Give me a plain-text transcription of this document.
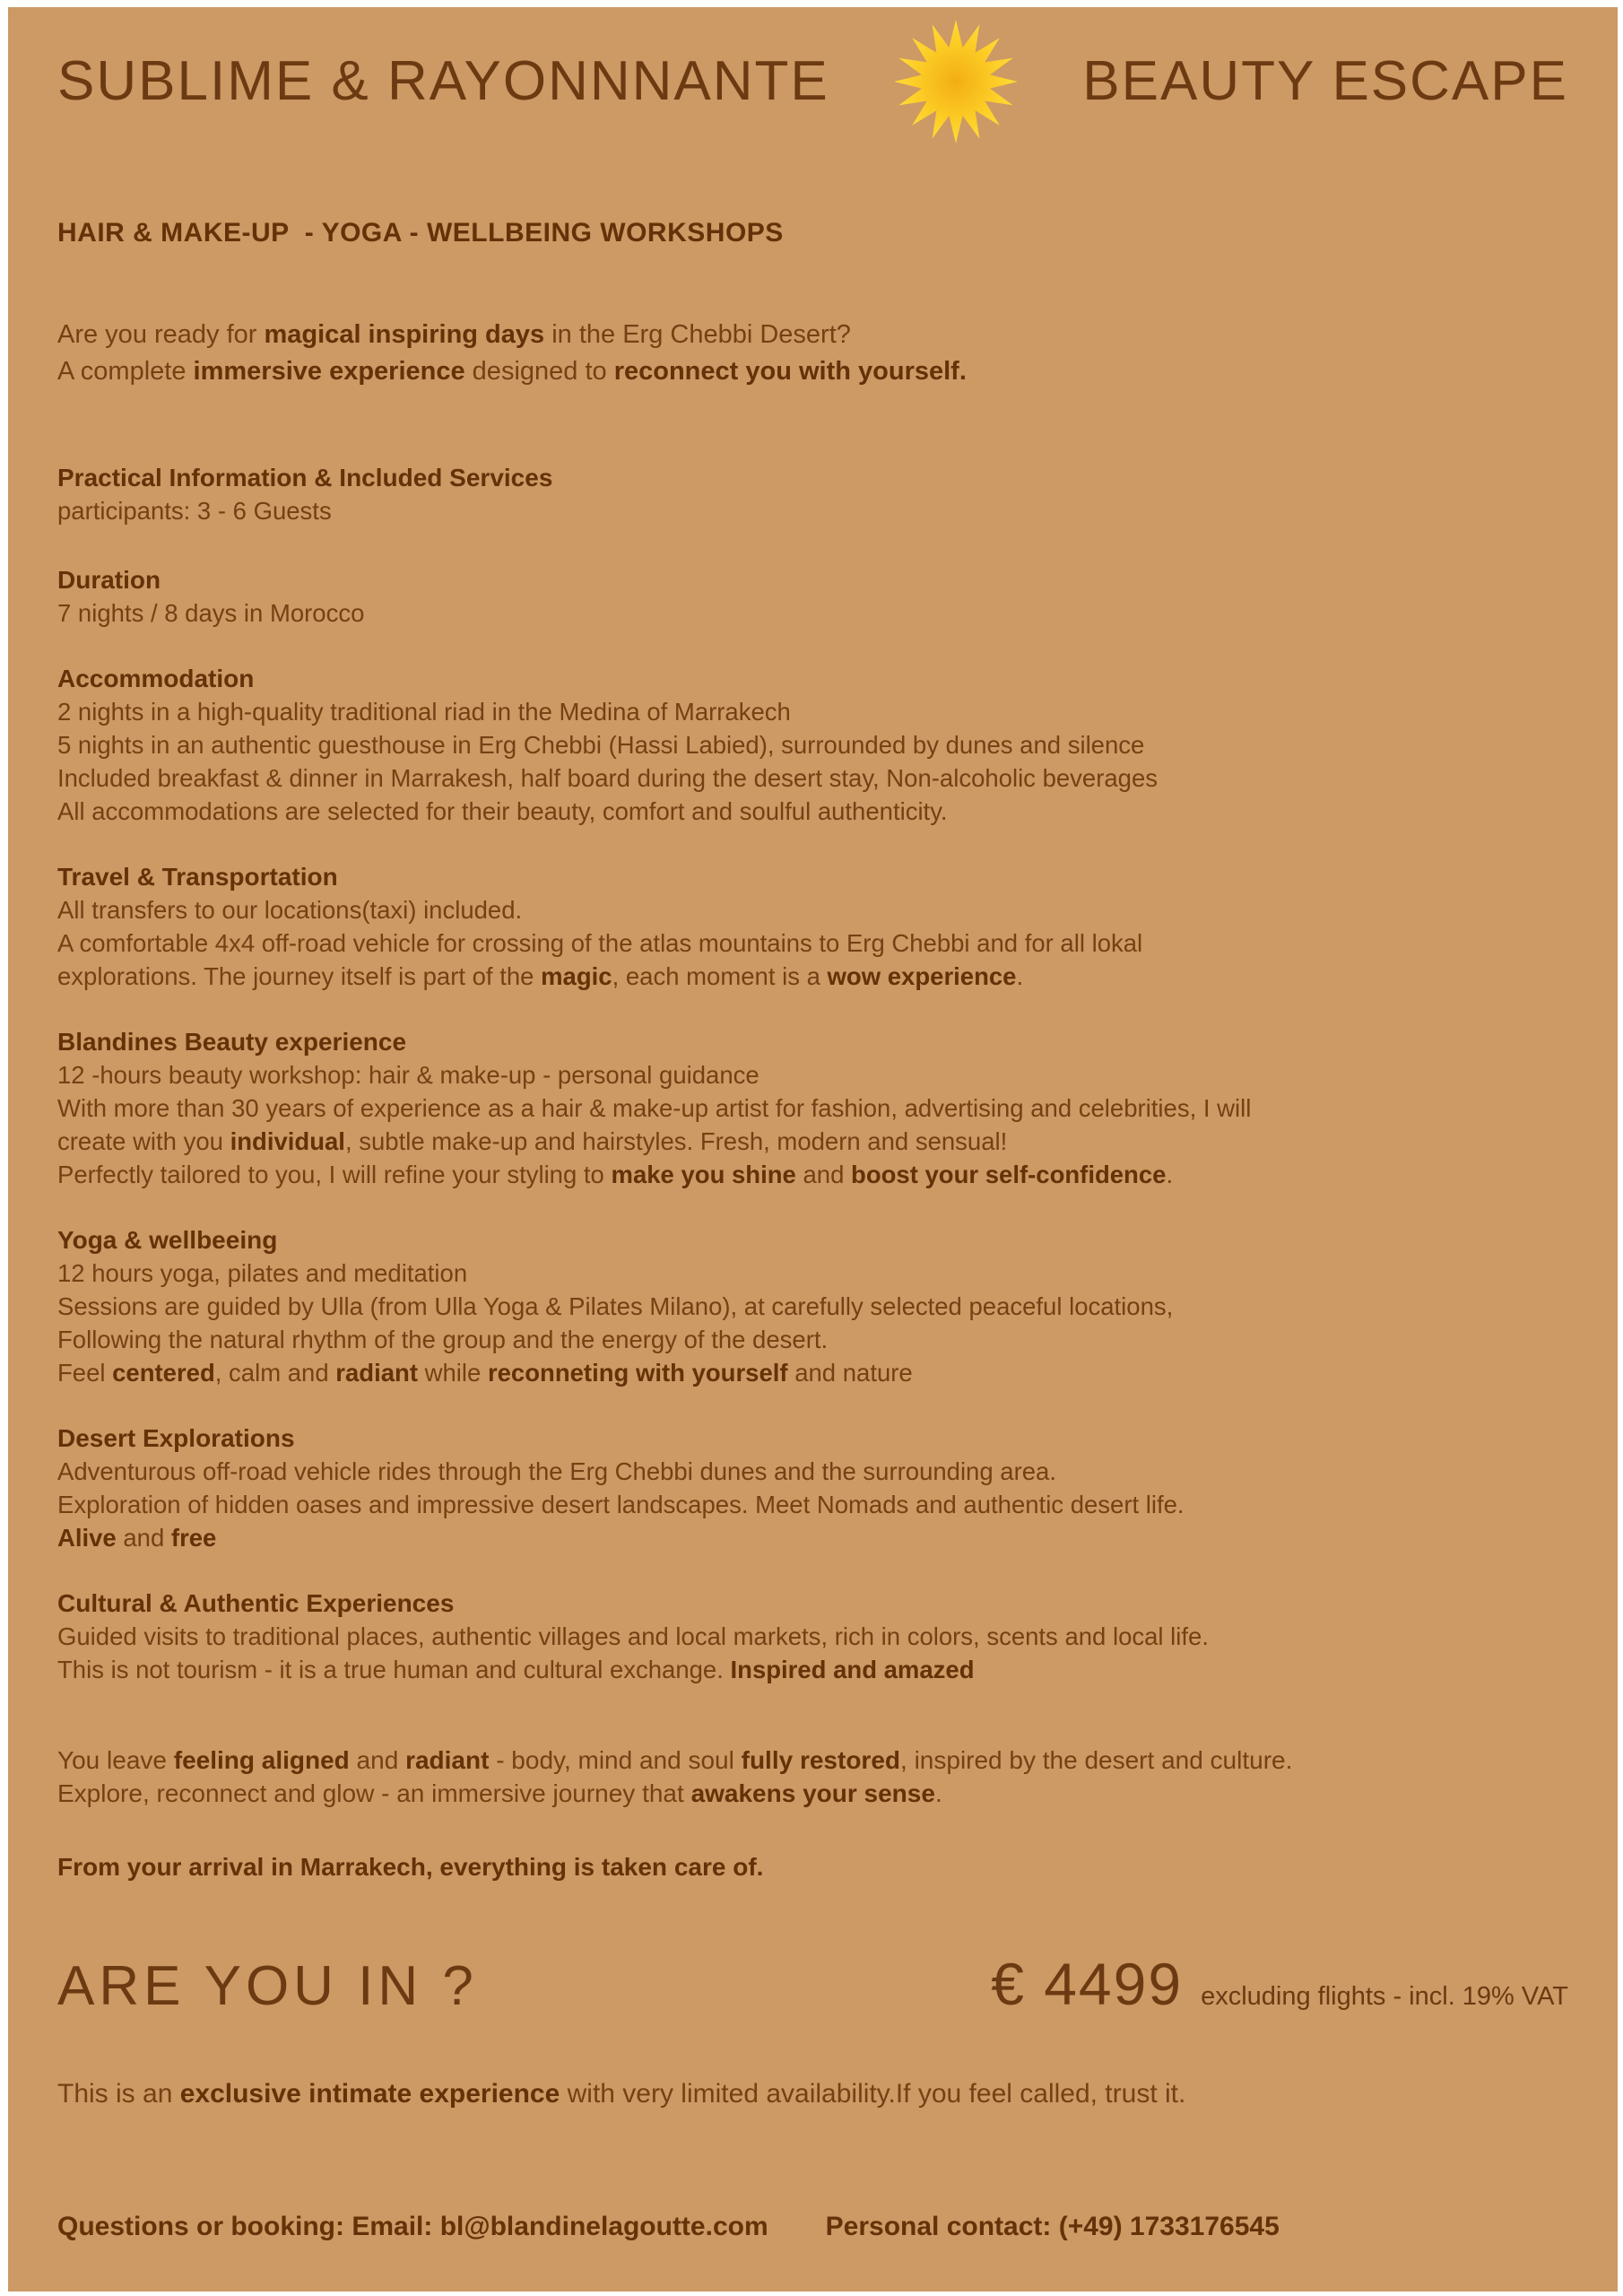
SUBLIME & RAYONNNANTE	BEAUTY ESCAPE
HAIR & MAKE-UP  - YOGA - WELLBEING WORKSHOPS
Are you ready for magical inspiring days in the Erg Chebbi Desert?
A complete immersive experience designed to reconnect you with yourself.
Practical Information & Included Services
participants: 3 - 6 Guests
Duration
7 nights / 8 days in Morocco
Accommodation
2 nights in a high-quality traditional riad in the Medina of Marrakech
5 nights in an authentic guesthouse in Erg Chebbi (Hassi Labied), surrounded by dunes and silence
Included breakfast & dinner in Marrakesh, half board during the desert stay, Non-alcoholic beverages
All accommodations are selected for their beauty, comfort and soulful authenticity.
Travel & Transportation
All transfers to our locations(taxi) included.
A comfortable 4x4 off-road vehicle for crossing of the atlas mountains to Erg Chebbi and for all lokal
explorations. The journey itself is part of the magic, each moment is a wow experience.
Blandines Beauty experience
12 -hours beauty workshop: hair & make-up - personal guidance
With more than 30 years of experience as a hair & make-up artist for fashion, advertising and celebrities, I will
create with you individual, subtle make-up and hairstyles. Fresh, modern and sensual!
Perfectly tailored to you, I will refine your styling to make you shine and boost your self-confidence.
Yoga & wellbeeing
12 hours yoga, pilates and meditation
Sessions are guided by Ulla (from Ulla Yoga & Pilates Milano), at carefully selected peaceful locations,
Following the natural rhythm of the group and the energy of the desert.
Feel centered, calm and radiant while reconneting with yourself and nature
Desert Explorations
Adventurous off-road vehicle rides through the Erg Chebbi dunes and the surrounding area.
Exploration of hidden oases and impressive desert landscapes. Meet Nomads and authentic desert life.
Alive and free
Cultural & Authentic Experiences
Guided visits to traditional places, authentic villages and local markets, rich in colors, scents and local life.
This is not tourism - it is a true human and cultural exchange. Inspired and amazed
You leave feeling aligned and radiant - body, mind and soul fully restored, inspired by the desert and culture.
Explore, reconnect and glow - an immersive journey that awakens your sense.
From your arrival in Marrakech, everything is taken care of.
ARE YOU IN ?	€ 4499 excluding flights - incl. 19% VAT
This is an exclusive intimate experience with very limited availability.If you feel called, trust it.
Questions or booking: Email: bl@blandinelagoutte.com Personal contact: (+49) 1733176545
